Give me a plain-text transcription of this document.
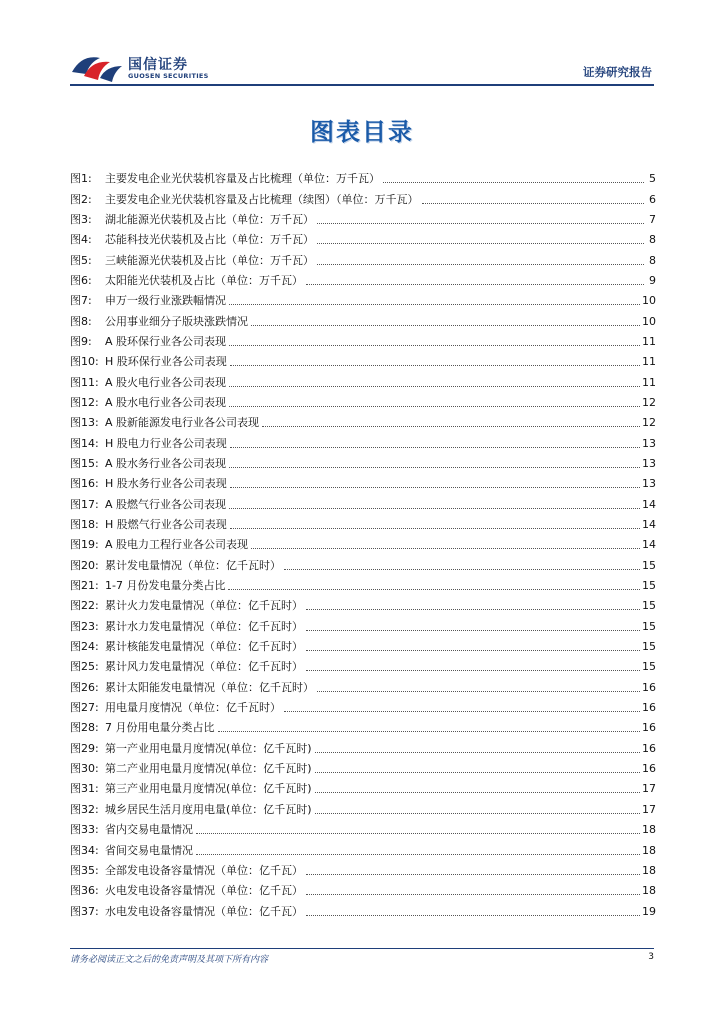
国信证券
GUOSEN SECURITIES	证券研究报告
图表目录
图1:	主要发电企业光伏装机容量及占比梳理（单位：万千瓦）	5
图2:	主要发电企业光伏装机容量及占比梳理（续图）（单位：万千瓦）	6
图3:	湖北能源光伏装机及占比（单位：万千瓦）	7
图4:	芯能科技光伏装机及占比（单位：万千瓦）	8
图5:	三峡能源光伏装机及占比（单位：万千瓦）	8
图6:	太阳能光伏装机及占比（单位：万千瓦）	9
图7:	申万一级行业涨跌幅情况	10
图8:	公用事业细分子版块涨跌情况	10
图9:	A 股环保行业各公司表现	11
图10: H 股环保行业各公司表现	11
图11: A 股火电行业各公司表现	11
图12: A 股水电行业各公司表现	12
图13: A 股新能源发电行业各公司表现	12
图14: H 股电力行业各公司表现	13
图15: A 股水务行业各公司表现	13
图16: H 股水务行业各公司表现	13
图17: A 股燃气行业各公司表现	14
图18: H 股燃气行业各公司表现	14
图19: A 股电力工程行业各公司表现	14
图20: 累计发电量情况（单位：亿千瓦时）	15
图21: 1-7 月份发电量分类占比	15
图22: 累计火力发电量情况（单位：亿千瓦时）	15
图23: 累计水力发电量情况（单位：亿千瓦时）	15
图24: 累计核能发电量情况（单位：亿千瓦时）	15
图25: 累计风力发电量情况（单位：亿千瓦时）	15
图26: 累计太阳能发电量情况（单位：亿千瓦时）	16
图27: 用电量月度情况（单位：亿千瓦时）	16
图28: 7 月份用电量分类占比	16
图29: 第一产业用电量月度情况(单位：亿千瓦时)	16
图30: 第二产业用电量月度情况(单位：亿千瓦时)	16
图31: 第三产业用电量月度情况(单位：亿千瓦时)	17
图32: 城乡居民生活月度用电量(单位：亿千瓦时)	17
图33: 省内交易电量情况	18
图34: 省间交易电量情况	18
图35: 全部发电设备容量情况（单位：亿千瓦）	18
图36: 火电发电设备容量情况（单位：亿千瓦）	18
图37: 水电发电设备容量情况（单位：亿千瓦）	19
请务必阅读正文之后的免责声明及其项下所有内容	3
